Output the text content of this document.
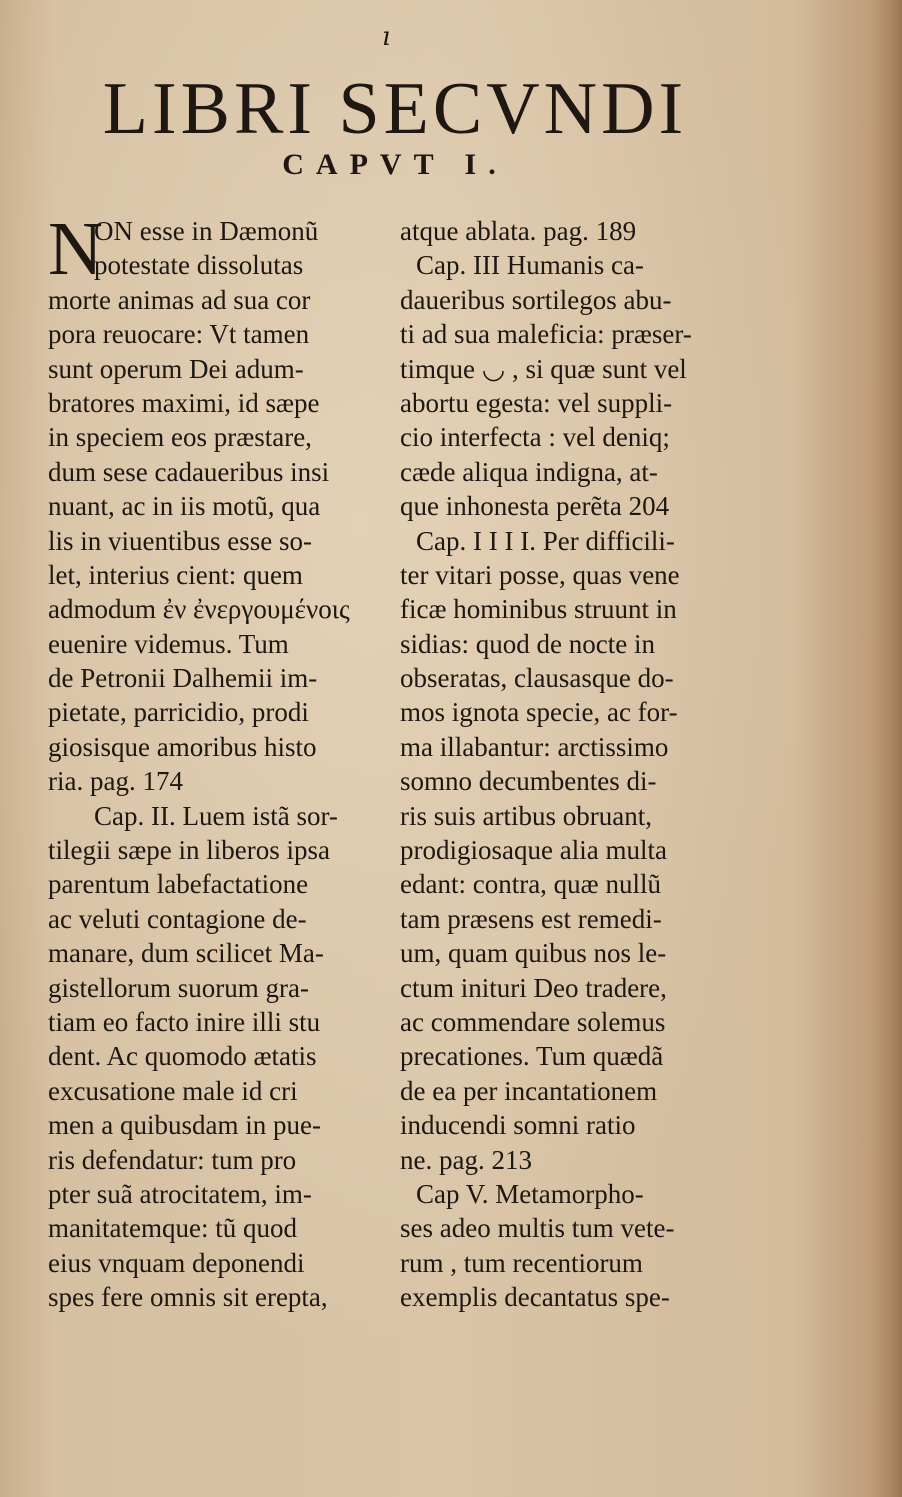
ı
LIBRI SECVNDI
CAPVT I.
N
ON esse in Dæmonũ
potestate dissolutas
morte animas ad sua cor
pora reuocare: Vt tamen
sunt operum Dei adum-
bratores maximi, id sæpe
in speciem eos præstare,
dum sese cadaueribus insi
nuant, ac in iis motũ, qua
lis in viuentibus esse so-
let, interius cient: quem
admodum ἐν ἐνεργουμένοις
euenire videmus. Tum
de Petronii Dalhemii im-
pietate, parricidio, prodi
giosisque amoribus histo
ria. pag. 174
Cap. II. Luem istã sor-
tilegii sæpe in liberos ipsa
parentum labefactatione
ac veluti contagione de-
manare, dum scilicet Ma-
gistellorum suorum gra-
tiam eo facto inire illi stu
dent. Ac quomodo ætatis
excusatione male id cri
men a quibusdam in pue-
ris defendatur: tum pro
pter suã atrocitatem, im-
manitatemque: tũ quod
eius vnquam deponendi
spes fere omnis sit erepta,
atque ablata. pag. 189
Cap. III Humanis ca-
daueribus sortilegos abu-
ti ad sua maleficia: præser-
timque ◡ , si quæ sunt vel
abortu egesta: vel suppli-
cio interfecta : vel deniq;
cæde aliqua indigna, at-
que inhonesta perẽta 204
Cap. I I I I. Per difficili-
ter vitari posse, quas vene
ficæ hominibus struunt in
sidias: quod de nocte in
obseratas, clausasque do-
mos ignota specie, ac for-
ma illabantur: arctissimo
somno decumbentes di-
ris suis artibus obruant,
prodigiosaque alia multa
edant: contra, quæ nullũ
tam præsens est remedi-
um, quam quibus nos le-
ctum inituri Deo tradere,
ac commendare solemus
precationes. Tum quædã
de ea per incantationem
inducendi somni ratio
ne. pag. 213
Cap V. Metamorpho-
ses adeo multis tum vete-
rum , tum recentiorum
exemplis decantatus spe-
